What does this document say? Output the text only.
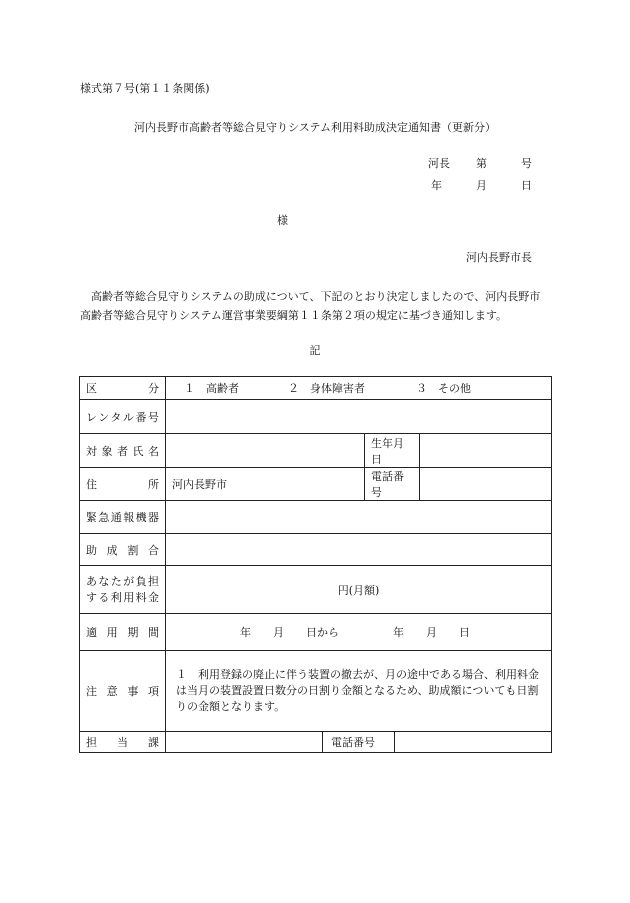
様式第７号(第１１条関係)
河内長野市高齢者等総合見守りシステム利用料助成決定通知書（更新分）
河長 第	号
年	月	日
様
河内長野市長
高齢者等総合見守りシステムの助成について、下記のとおり決定しましたので、河内長野市高齢者等総合見守りシステム運営事業要綱第１１条第２項の規定に基づき通知します。
記
区　　分	１　高齢者 ２　身体障害者 ３　その他				
レンタル番号					
対象者氏名			生年月日		
住　　所	河内長野市		電話番号		
緊急通報機器					
助成割合					

あなたが負担
する利用料金	円(月額)				
適用期間	年　　月　　日から 年　　月　　日				
注意事項	１　利用登録の廃止に伴う装置の撤去が、月の途中である場合、利用料金は当月の装置設置日数分の日割り金額となるため、助成額についても日割りの金額となります。				
担当課		電話番号			
